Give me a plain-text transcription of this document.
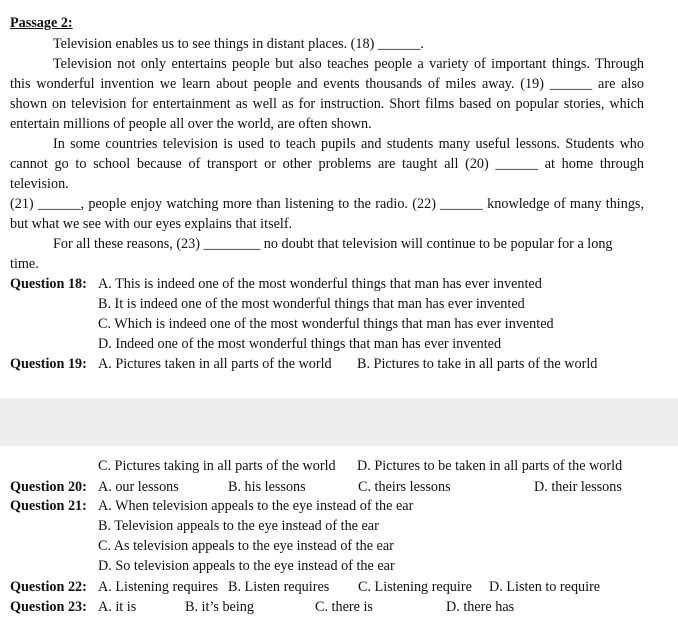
Passage 2:
Television enables us to see things in distant places. (18) ______.
Television not only entertains people but also teaches people a variety of important things. Through
this wonderful invention we learn about people and events thousands of miles away. (19) ______ are also
shown on television for entertainment as well as for instruction. Short films based on popular stories, which
entertain millions of people all over the world, are often shown.
In some countries television is used to teach pupils and students many useful lessons. Students who
cannot go to school because of transport or other problems are taught all (20) ______ at home through
television.
(21) ______, people enjoy watching more than listening to the radio. (22) ______ knowledge of many things,
but what we see with our eyes explains that itself.
For all these reasons, (23) ________ no doubt that television will continue to be popular for a long
time.
Question 18: A. This is indeed one of the most wonderful things that man has ever invented
B. It is indeed one of the most wonderful things that man has ever invented
C. Which is indeed one of the most wonderful things that man has ever invented
D. Indeed one of the most wonderful things that man has ever invented
Question 19: A. Pictures taken in all parts of the world B. Pictures to take in all parts of the world
C. Pictures taking in all parts of the world D. Pictures to be taken in all parts of the world
Question 20: A. our lessons	B. his lessons	C. theirs lessons	D. their lessons
Question 21: A. When television appeals to the eye instead of the ear
B. Television appeals to the eye instead of the ear
C. As television appeals to the eye instead of the ear
D. So television appeals to the eye instead of the ear
Question 22: A. Listening requires B. Listen requires C. Listening require D. Listen to require
Question 23: A. it is	B. it’s being	C. there is	D. there has
